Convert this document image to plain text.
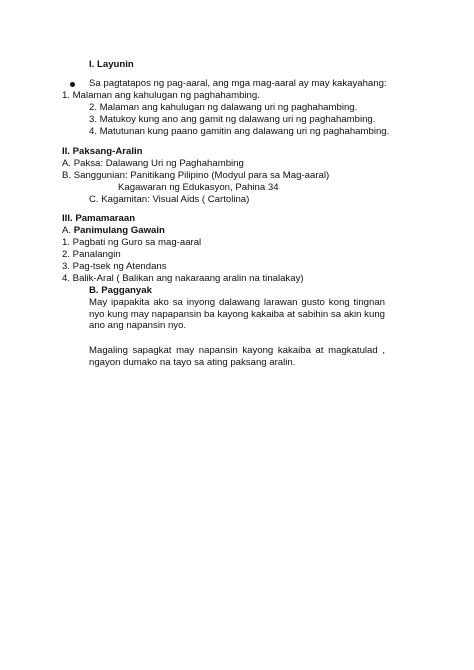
I. Layunin
Sa pagtatapos ng pag-aaral, ang mga mag-aaral ay may kakayahang:
1. Malaman ang kahulugan ng paghahambing.
2. Malaman ang kahulugan ng dalawang uri ng paghahambing.
3. Matukoy kung ano ang gamit ng dalawang uri ng paghahambing.
4. Matutunan kung paano gamitin ang dalawang uri ng paghahambing.
II. Paksang-Aralin
A. Paksa: Dalawang Uri ng Paghahambing
B. Sanggunian: Panitikang Pilipino (Modyul para sa Mag-aaral)
Kagawaran ng Edukasyon, Pahina 34
C. Kagamitan: Visual Aids ( Cartolina)
III. Pamamaraan
A. Panimulang Gawain
1. Pagbati ng Guro sa mag-aaral
2. Panalangin
3. Pag-tsek ng Atendans
4. Balik-Aral ( Balikan ang nakaraang aralin na tinalakay)
B. Pagganyak
May ipapakita ako sa inyong dalawang larawan gusto kong tingnan nyo kung may napapansin ba kayong kakaiba at sabihin sa akin kung ano ang napansin nyo.
Magaling sapagkat may napansin kayong kakaiba at magkatulad , ngayon dumako na tayo sa ating paksang aralin.
